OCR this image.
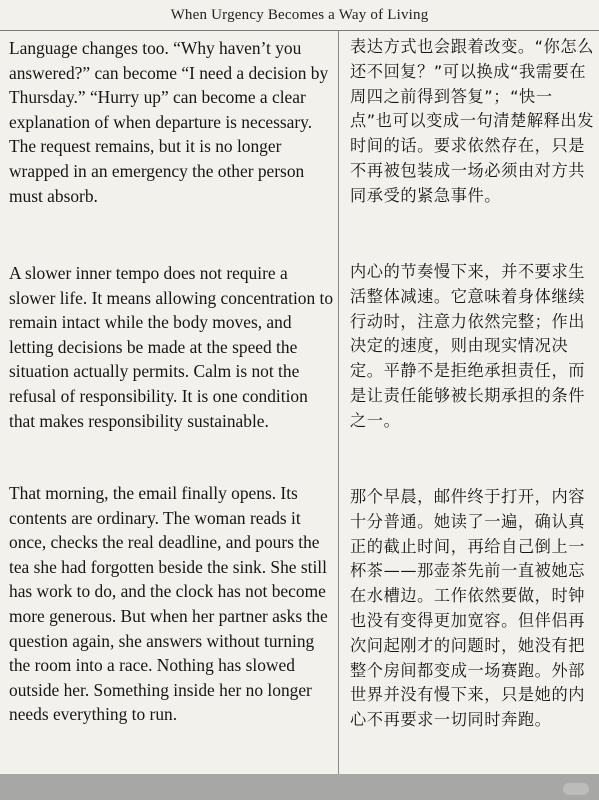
When Urgency Becomes a Way of Living

Language changes too. “Why haven’t you answered?” can become “I need a decision by Thursday.” “Hurry up” can become a clear explanation of when departure is necessary. The request remains, but it is no longer wrapped in an emergency the other person must absorb.

A slower inner tempo does not require a slower life. It means allowing concentration to remain intact while the body moves, and letting decisions be made at the speed the situation actually permits. Calm is not the refusal of responsibility. It is one condition that makes responsibility sustainable.

That morning, the email finally opens. Its contents are ordinary. The woman reads it once, checks the real deadline, and pours the tea she had forgotten beside the sink. She still has work to do, and the clock has not become more generous. But when her partner asks the question again, she answers without turning the room into a race. Nothing has slowed outside her. Something inside her no longer needs everything to run.

表达方式也会跟着改变。“你怎么还不回复？”可以换成“我需要在周四之前得到答复”；“快一点”也可以变成一句清楚解释出发时间的话。要求依然存在，只是不再被包装成一场必须由对方共同承受的紧急事件。

内心的节奏慢下来，并不要求生活整体减速。它意味着身体继续行动时，注意力依然完整；作出决定的速度，则由现实情况决定。平静不是拒绝承担责任，而是让责任能够被长期承担的条件之一。

那个早晨，邮件终于打开，内容十分普通。她读了一遍，确认真正的截止时间，再给自己倒上一杯茶——那壶茶先前一直被她忘在水槽边。工作依然要做，时钟也没有变得更加宽容。但伴侣再次问起刚才的问题时，她没有把整个房间都变成一场赛跑。外部世界并没有慢下来，只是她的内心不再要求一切同时奔跑。
